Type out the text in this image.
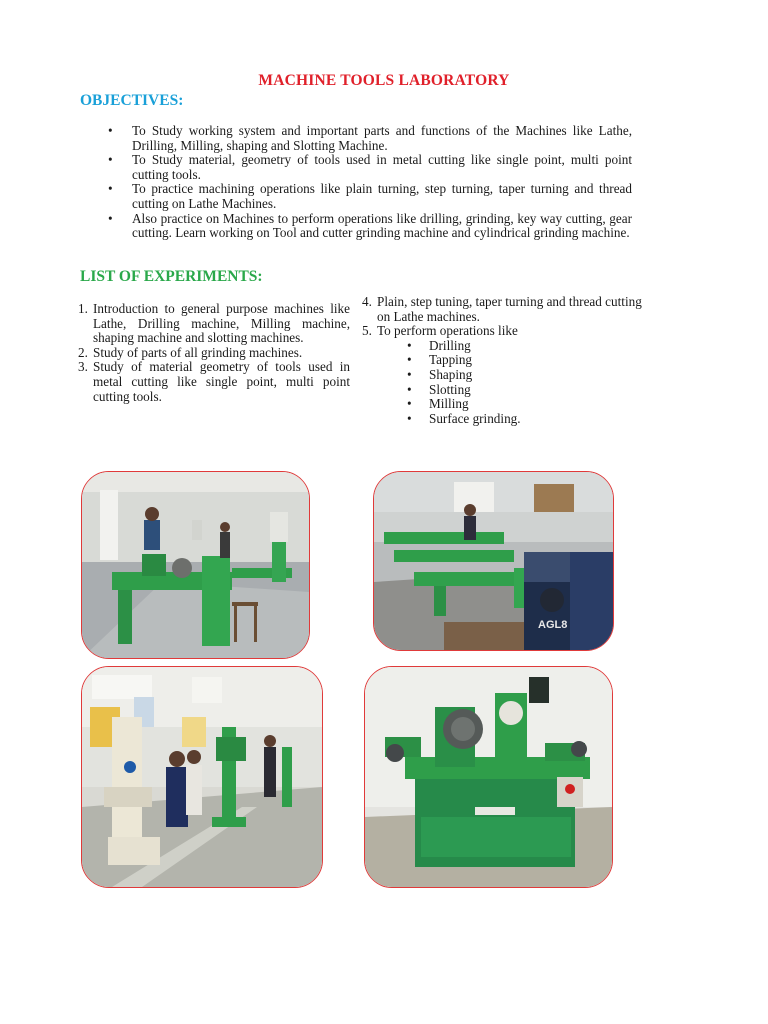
MACHINE TOOLS LABORATORY
OBJECTIVES:
• To Study working system and important parts and functions of the Machines like Lathe, Drilling, Milling, shaping and Slotting Machine.
• To Study material, geometry of tools used in metal cutting like single point, multi point cutting tools.
• To practice machining operations like plain turning, step turning, taper turning and thread cutting on Lathe Machines.
• Also practice on Machines to perform operations like drilling, grinding, key way cutting, gear cutting. Learn working on Tool and cutter grinding machine and cylindrical grinding machine.
LIST OF EXPERIMENTS:
1. Introduction to general purpose machines like Lathe, Drilling machine, Milling machine, shaping machine and slotting machines.
2. Study of parts of all grinding machines.
3. Study of material geometry of tools used in metal cutting like single point, multi point cutting tools.
4. Plain, step tuning, taper turning and thread cutting on Lathe machines.
5. To perform operations like
• Drilling
• Tapping
• Shaping
• Slotting
• Milling
• Surface grinding.
AGL8
